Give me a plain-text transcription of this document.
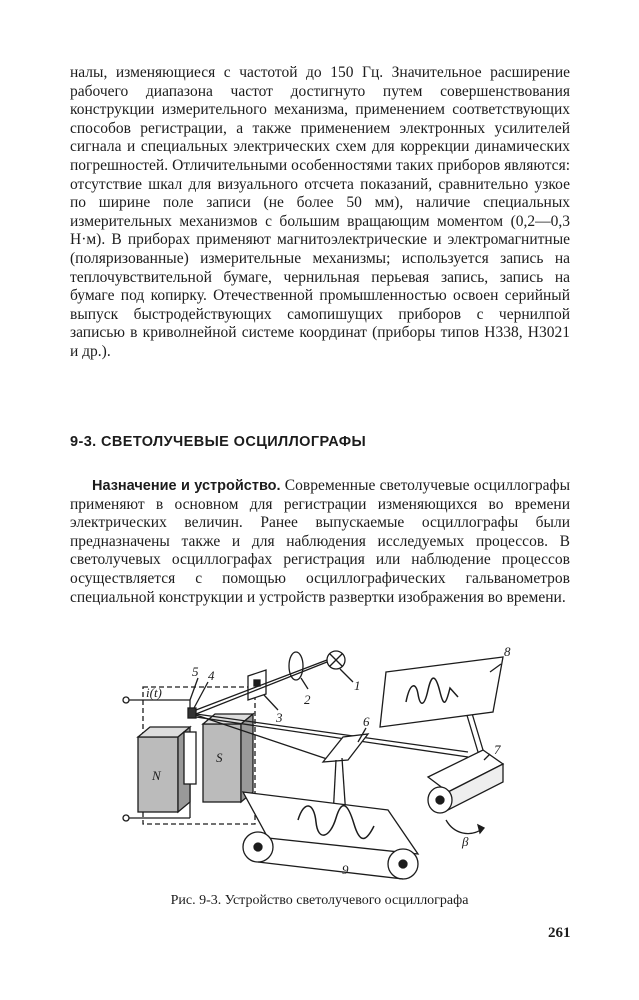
налы, изменяющиеся с частотой до 150 Гц. Значительное расширение рабочего диапазона частот достигнуто путем совершенствования конструкции измерительного механизма, применением соответствующих способов регистрации, а также применением электронных усилителей сигнала и специальных электрических схем для коррекции динамических погрешностей. Отличительными особенностями таких приборов являются: отсутствие шкал для визуального отсчета показаний, сравнительно узкое по ширине поле записи (не более 50 мм), наличие специальных измерительных механизмов с большим вращающим моментом (0,2—0,3 Н·м). В приборах применяют магнитоэлектрические и электромагнитные (поляризованные) измерительные механизмы; используется запись на теплочувствительной бумаге, чернильная перьевая запись, запись на бумаге под копирку. Отечественной промышленностью освоен серийный выпуск быстродействующих самопишущих приборов с чернилпой записью в криволнейной системе координат (приборы типов Н338, Н3021 и др.).

9-3. СВЕТОЛУЧЕВЫЕ ОСЦИЛЛОГРАФЫ

Назначение и устройство. Современные светолучевые осциллографы применяют в основном для регистрации изменяющихся во времени электрических величин. Ранее выпускаемые осциллографы были предназначены также и для наблюдения исследуемых процессов. В светолучевых осциллографах регистрация или наблюдение процессов осуществляется с помощью осциллографических гальванометров специальной конструкции и устройств развертки изображения во времени.

1
2
3
4
5
6
7
8
9
i(t)
N
S
β
Рис. 9-3. Устройство светолучевого осциллографа
261
